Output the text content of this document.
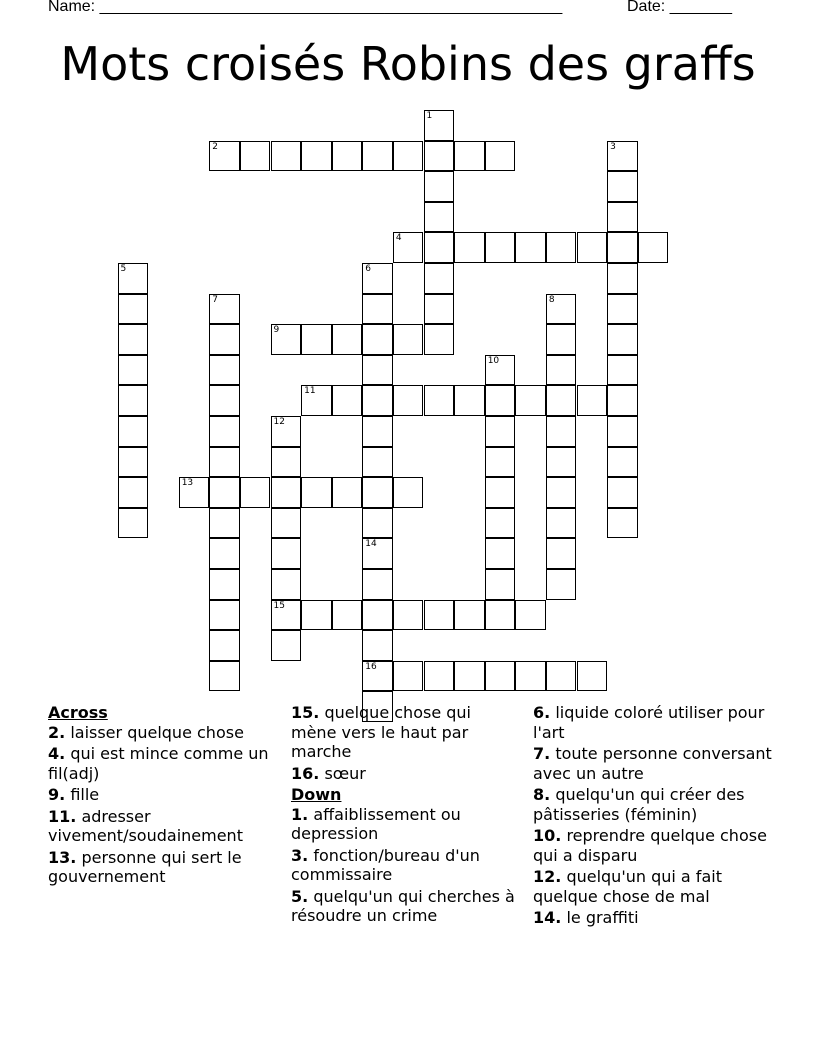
Name: ____________________________________________________	Date: _______
Mots croisés Robins des graffs
1
2	3
4
5	6
14
16
7	8
9
10
11
12
15
13
Across
2. laisser quelque chose
4. qui est mince comme un fil(adj)
9. fille
11. adresser vivement/soudainement
13. personne qui sert le gouvernement
15. quelque chose qui mène vers le haut par marche
16. sœur
Down
1. affaiblissement ou depression
3. fonction/bureau d'un commissaire
5. quelqu'un qui cherches à résoudre un crime
6. liquide coloré utiliser pour l'art
7. toute personne conversant avec un autre
8. quelqu'un qui créer des pâtisseries (féminin)
10. reprendre quelque chose qui a disparu
12. quelqu'un qui a fait quelque chose de mal
14. le graffiti
